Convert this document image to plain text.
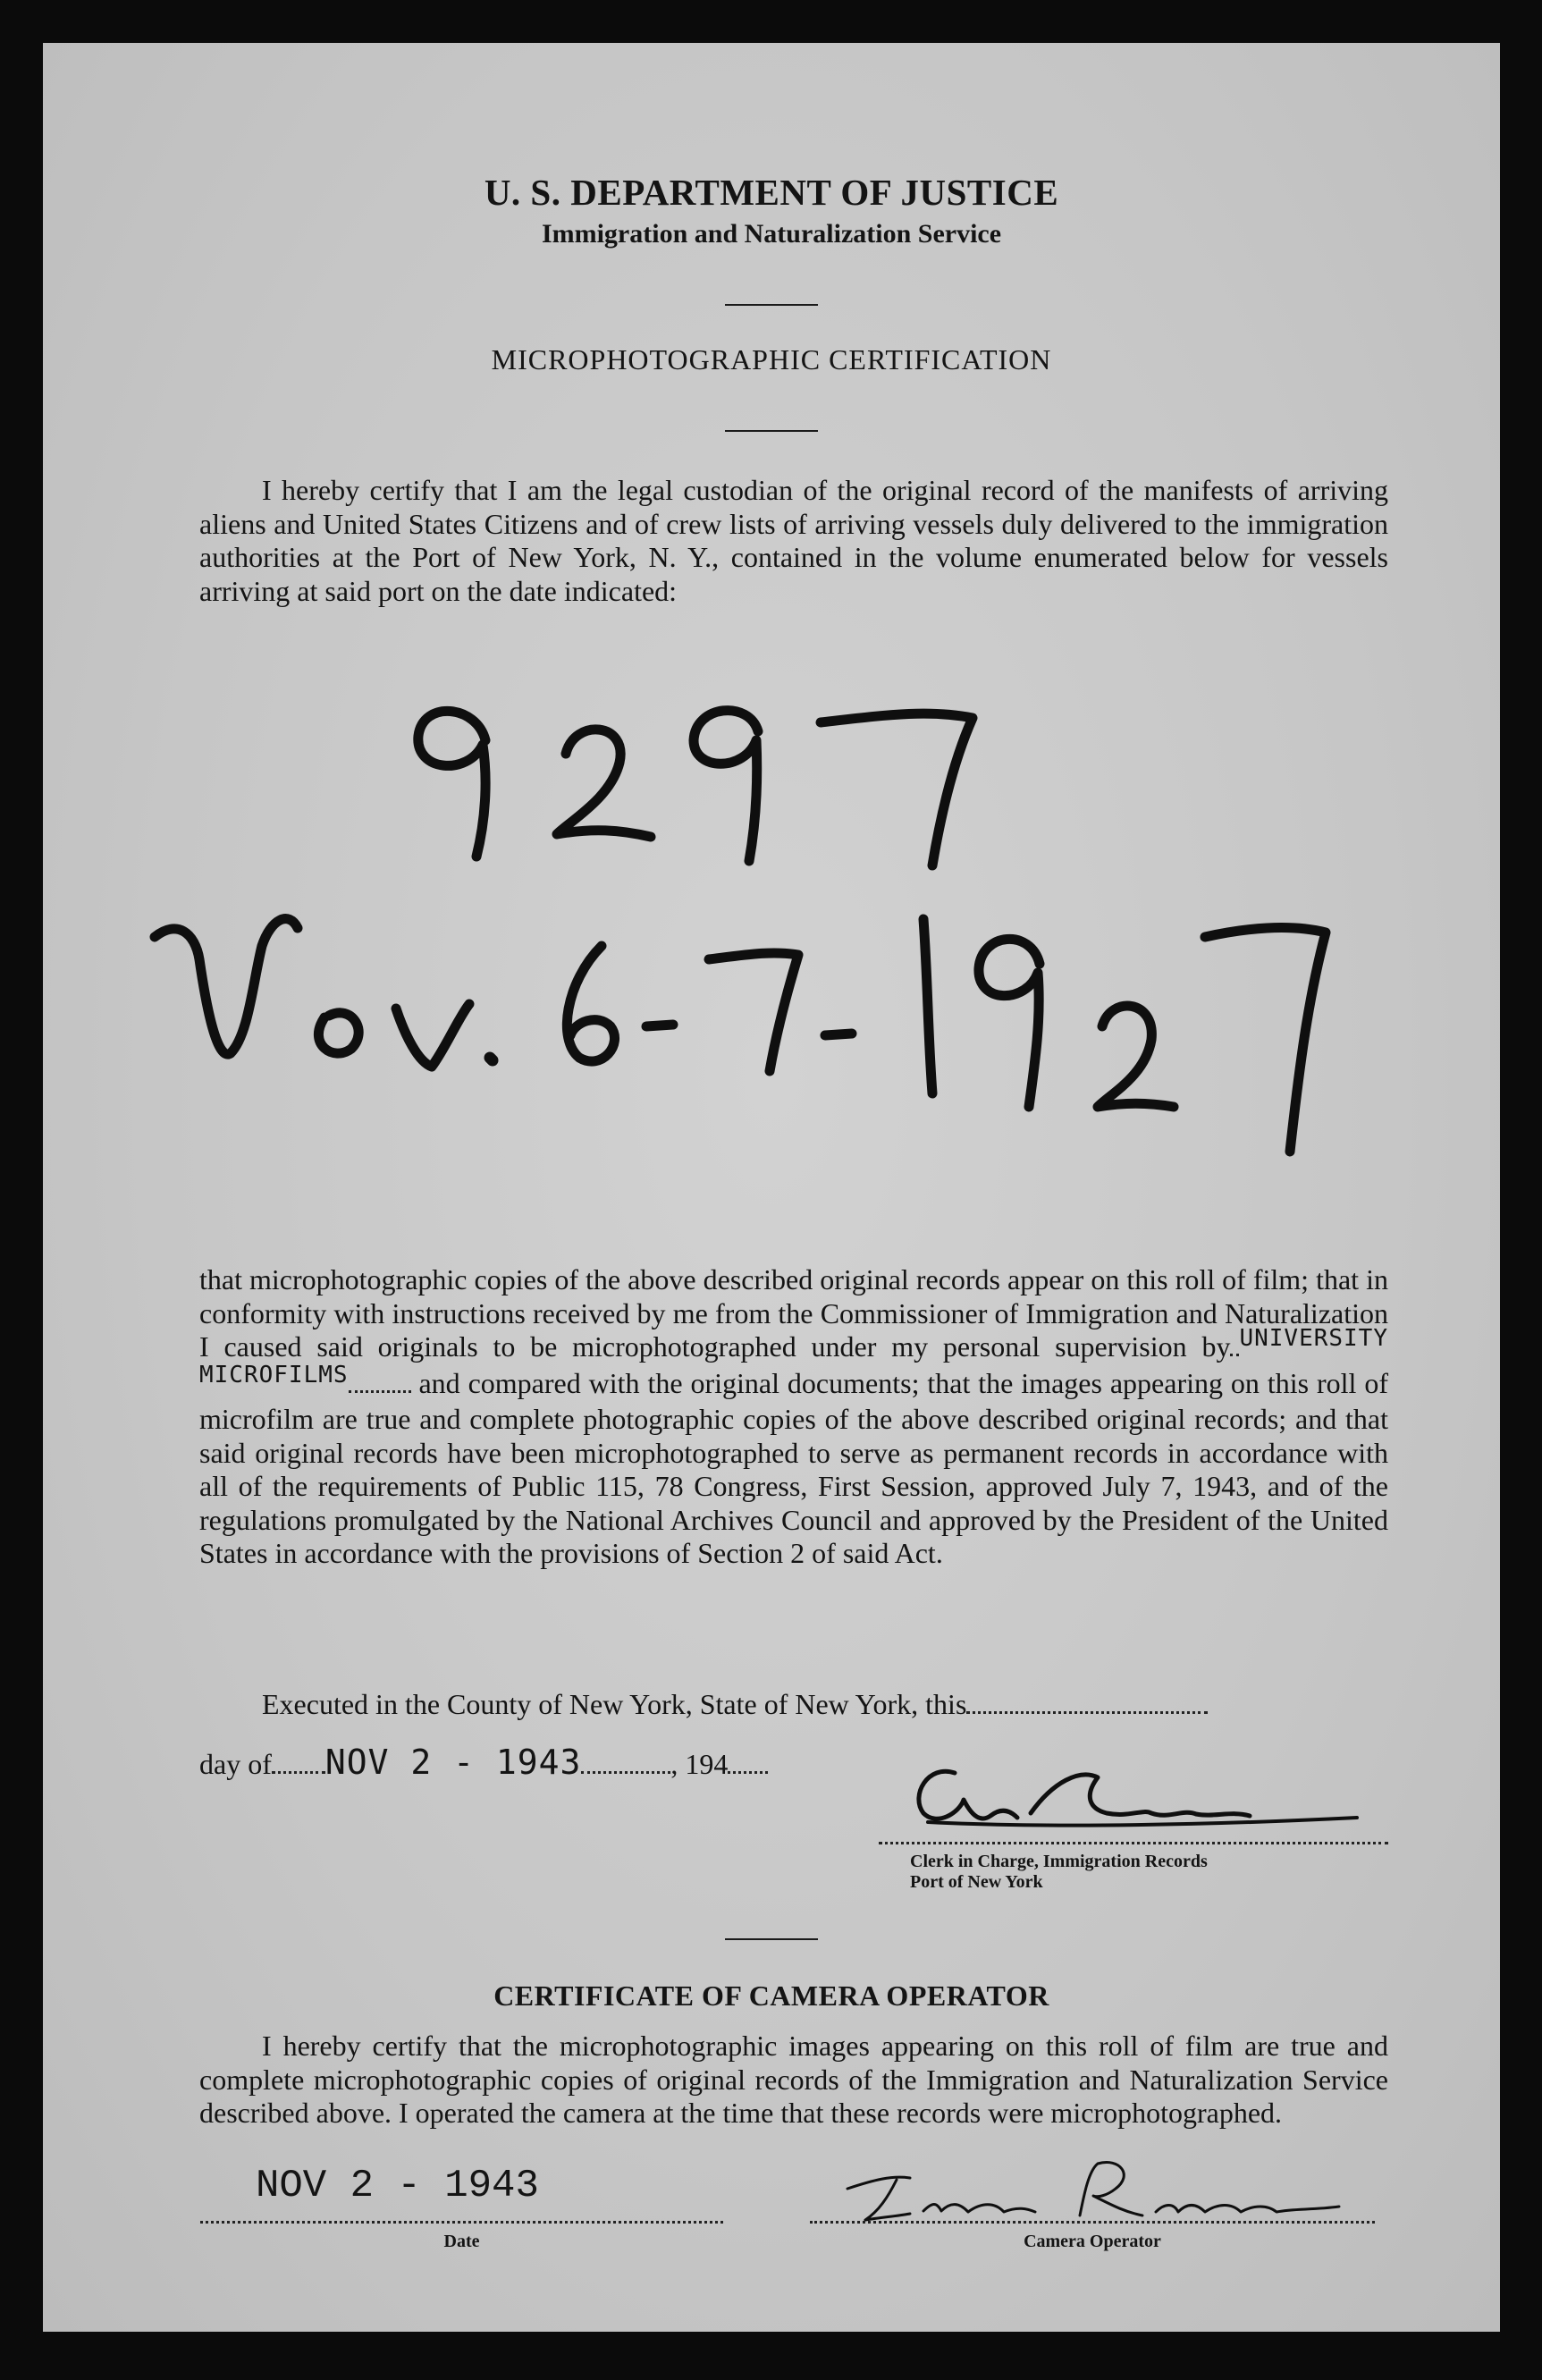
U. S. DEPARTMENT OF JUSTICE
Immigration and Naturalization Service
MICROPHOTOGRAPHIC CERTIFICATION
I hereby certify that I am the legal custodian of the original record of the manifests of arriving aliens and United States Citizens and of crew lists of arriving vessels duly delivered to the immigration authorities at the Port of New York, N. Y., contained in the volume enumerated below for vessels arriving at said port on the date indicated:
that microphotographic copies of the above described original records appear on this roll of film; that in conformity with instructions received by me from the Commissioner of Immigration and Naturalization I caused said originals to be microphotographed under my personal supervision by $^{UNIVERSITY MICROFILMS}$ and compared with the original documents; that the images appearing on this roll of microfilm are true and complete photographic copies of the above described original records; and that said original records have been microphotographed to serve as permanent records in accordance with all of the requirements of Public 115, 78 Congress, First Session, approved July 7, 1943, and of the regulations promulgated by the National Archives Council and approved by the President of the United States in accordance with the provisions of Section 2 of said Act.
Executed in the County of New York, State of New York, this
day of NOV 2 - 1943	, 194
Clerk in Charge, Immigration Records
Port of New York
CERTIFICATE OF CAMERA OPERATOR
I hereby certify that the microphotographic images appearing on this roll of film are true and complete microphotographic copies of original records of the Immigration and Naturalization Service described above. I operated the camera at the time that these records were microphotographed.
NOV 2 - 1943
Date	Camera Operator
